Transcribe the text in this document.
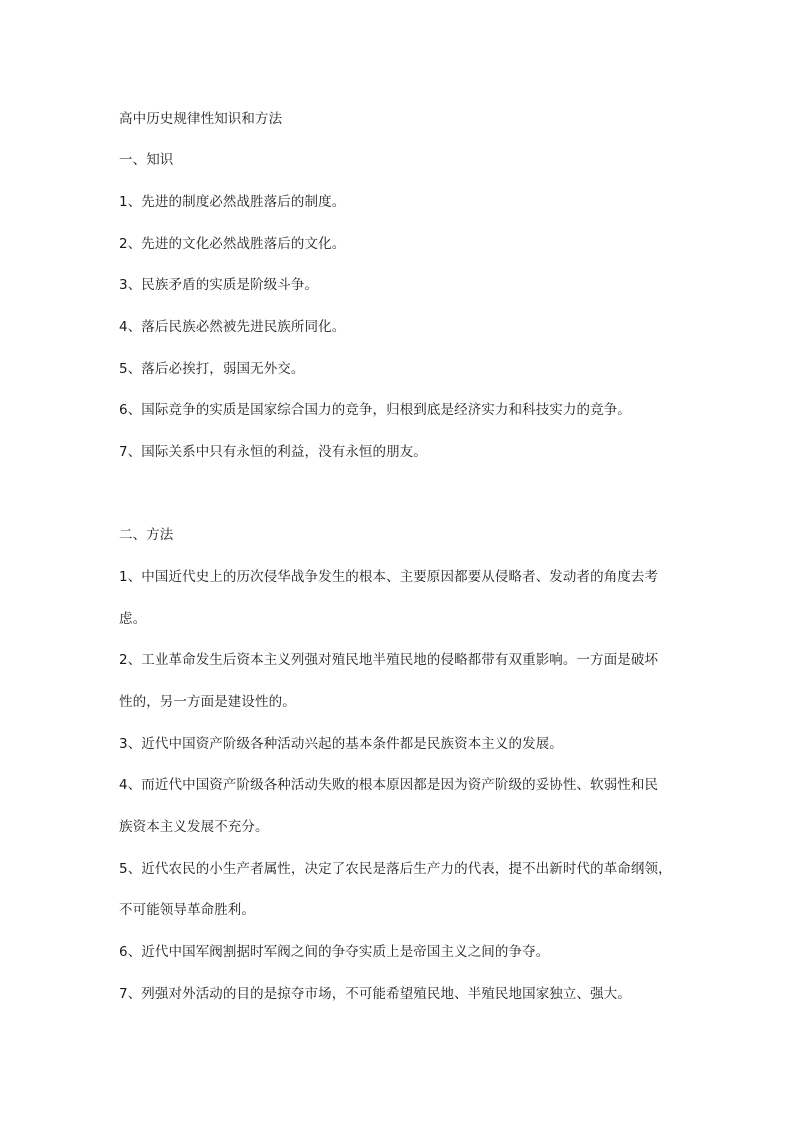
高中历史规律性知识和方法
一、知识
1、先进的制度必然战胜落后的制度。
2、先进的文化必然战胜落后的文化。
3、民族矛盾的实质是阶级斗争。
4、落后民族必然被先进民族所同化。
5、落后必挨打，弱国无外交。
6、国际竞争的实质是国家综合国力的竞争，归根到底是经济实力和科技实力的竞争。
7、国际关系中只有永恒的利益，没有永恒的朋友。
二、方法
1、中国近代史上的历次侵华战争发生的根本、主要原因都要从侵略者、发动者的角度去考
虑。
2、工业革命发生后资本主义列强对殖民地半殖民地的侵略都带有双重影响。一方面是破坏
性的，另一方面是建设性的。
3、近代中国资产阶级各种活动兴起的基本条件都是民族资本主义的发展。
4、而近代中国资产阶级各种活动失败的根本原因都是因为资产阶级的妥协性、软弱性和民
族资本主义发展不充分。
5、近代农民的小生产者属性，决定了农民是落后生产力的代表，提不出新时代的革命纲领，
不可能领导革命胜利。
6、近代中国军阀割据时军阀之间的争夺实质上是帝国主义之间的争夺。
7、列强对外活动的目的是掠夺市场，不可能希望殖民地、半殖民地国家独立、强大。
